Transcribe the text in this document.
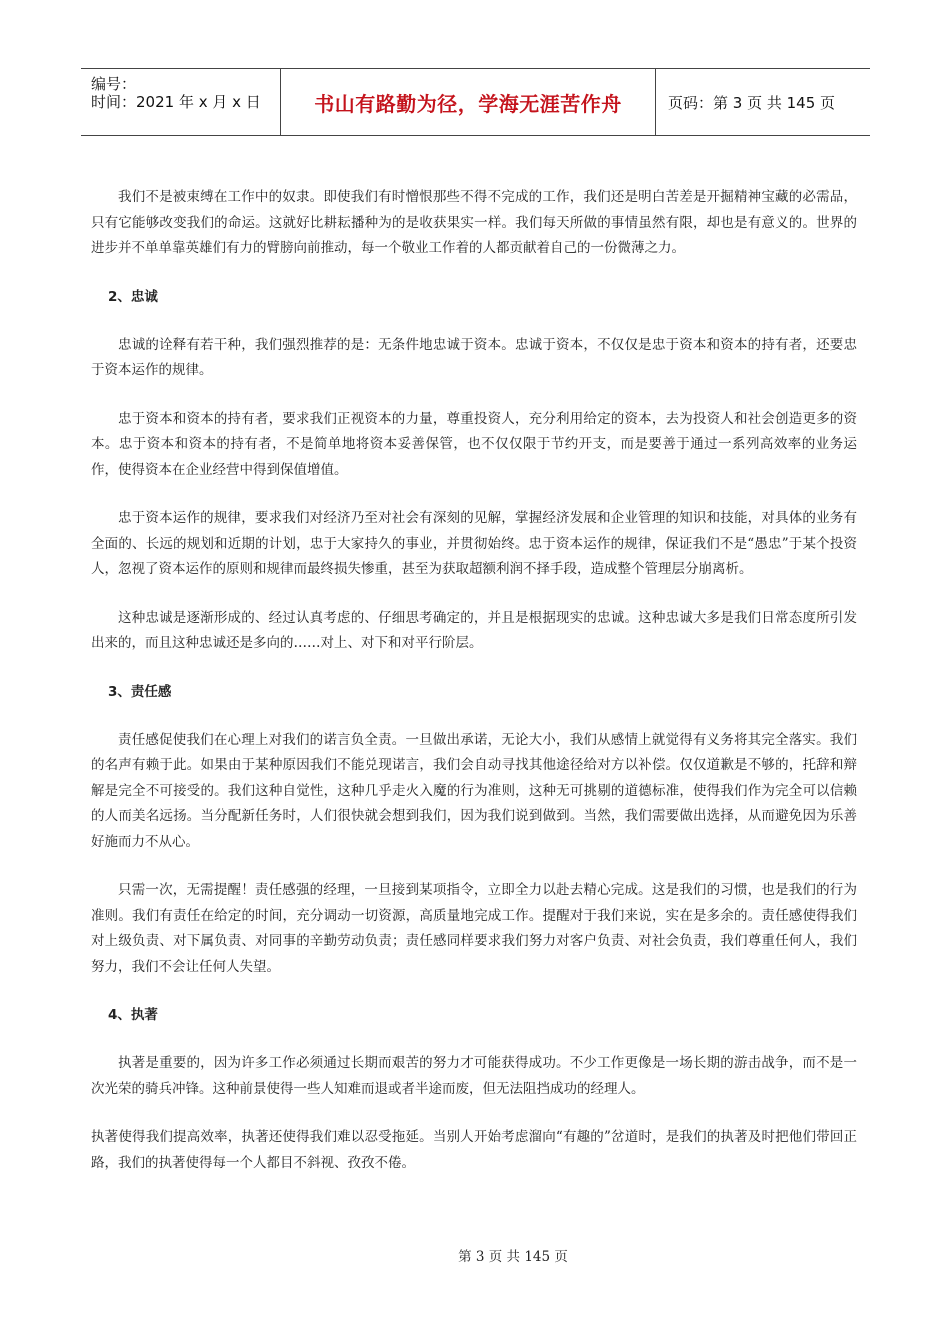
编号：
时间：2021 年 x 月 x 日	书山有路勤为径，学海无涯苦作舟	页码：第 3 页 共 145 页

我们不是被束缚在工作中的奴隶。即使我们有时憎恨那些不得不完成的工作，我们还是明白苦差是开掘精神宝藏的必需品，只有它能够改变我们的命运。这就好比耕耘播种为的是收获果实一样。我们每天所做的事情虽然有限，却也是有意义的。世界的进步并不单单靠英雄们有力的臂膀向前推动，每一个敬业工作着的人都贡献着自己的一份微薄之力。

2、忠诚

忠诚的诠释有若干种，我们强烈推荐的是：无条件地忠诚于资本。忠诚于资本，不仅仅是忠于资本和资本的持有者，还要忠于资本运作的规律。

忠于资本和资本的持有者，要求我们正视资本的力量，尊重投资人，充分利用给定的资本，去为投资人和社会创造更多的资本。忠于资本和资本的持有者，不是简单地将资本妥善保管，也不仅仅限于节约开支，而是要善于通过一系列高效率的业务运作，使得资本在企业经营中得到保值增值。

忠于资本运作的规律，要求我们对经济乃至对社会有深刻的见解，掌握经济发展和企业管理的知识和技能，对具体的业务有全面的、长远的规划和近期的计划，忠于大家持久的事业，并贯彻始终。忠于资本运作的规律，保证我们不是“愚忠”于某个投资人，忽视了资本运作的原则和规律而最终损失惨重，甚至为获取超额利润不择手段，造成整个管理层分崩离析。

这种忠诚是逐渐形成的、经过认真考虑的、仔细思考确定的，并且是根据现实的忠诚。这种忠诚大多是我们日常态度所引发出来的，而且这种忠诚还是多向的……对上、对下和对平行阶层。

3、责任感

责任感促使我们在心理上对我们的诺言负全责。一旦做出承诺，无论大小，我们从感情上就觉得有义务将其完全落实。我们的名声有赖于此。如果由于某种原因我们不能兑现诺言，我们会自动寻找其他途径给对方以补偿。仅仅道歉是不够的，托辞和辩解是完全不可接受的。我们这种自觉性，这种几乎走火入魔的行为准则，这种无可挑剔的道德标准，使得我们作为完全可以信赖的人而美名远扬。当分配新任务时，人们很快就会想到我们，因为我们说到做到。当然，我们需要做出选择，从而避免因为乐善好施而力不从心。

只需一次，无需提醒！责任感强的经理，一旦接到某项指令，立即全力以赴去精心完成。这是我们的习惯，也是我们的行为准则。我们有责任在给定的时间，充分调动一切资源，高质量地完成工作。提醒对于我们来说，实在是多余的。责任感使得我们对上级负责、对下属负责、对同事的辛勤劳动负责；责任感同样要求我们努力对客户负责、对社会负责，我们尊重任何人，我们努力，我们不会让任何人失望。

4、执著

执著是重要的，因为许多工作必须通过长期而艰苦的努力才可能获得成功。不少工作更像是一场长期的游击战争，而不是一次光荣的骑兵冲锋。这种前景使得一些人知难而退或者半途而废，但无法阻挡成功的经理人。

执著使得我们提高效率，执著还使得我们难以忍受拖延。当别人开始考虑溜向“有趣的”岔道时，是我们的执著及时把他们带回正路，我们的执著使得每一个人都目不斜视、孜孜不倦。

第 3 页 共 145 页
